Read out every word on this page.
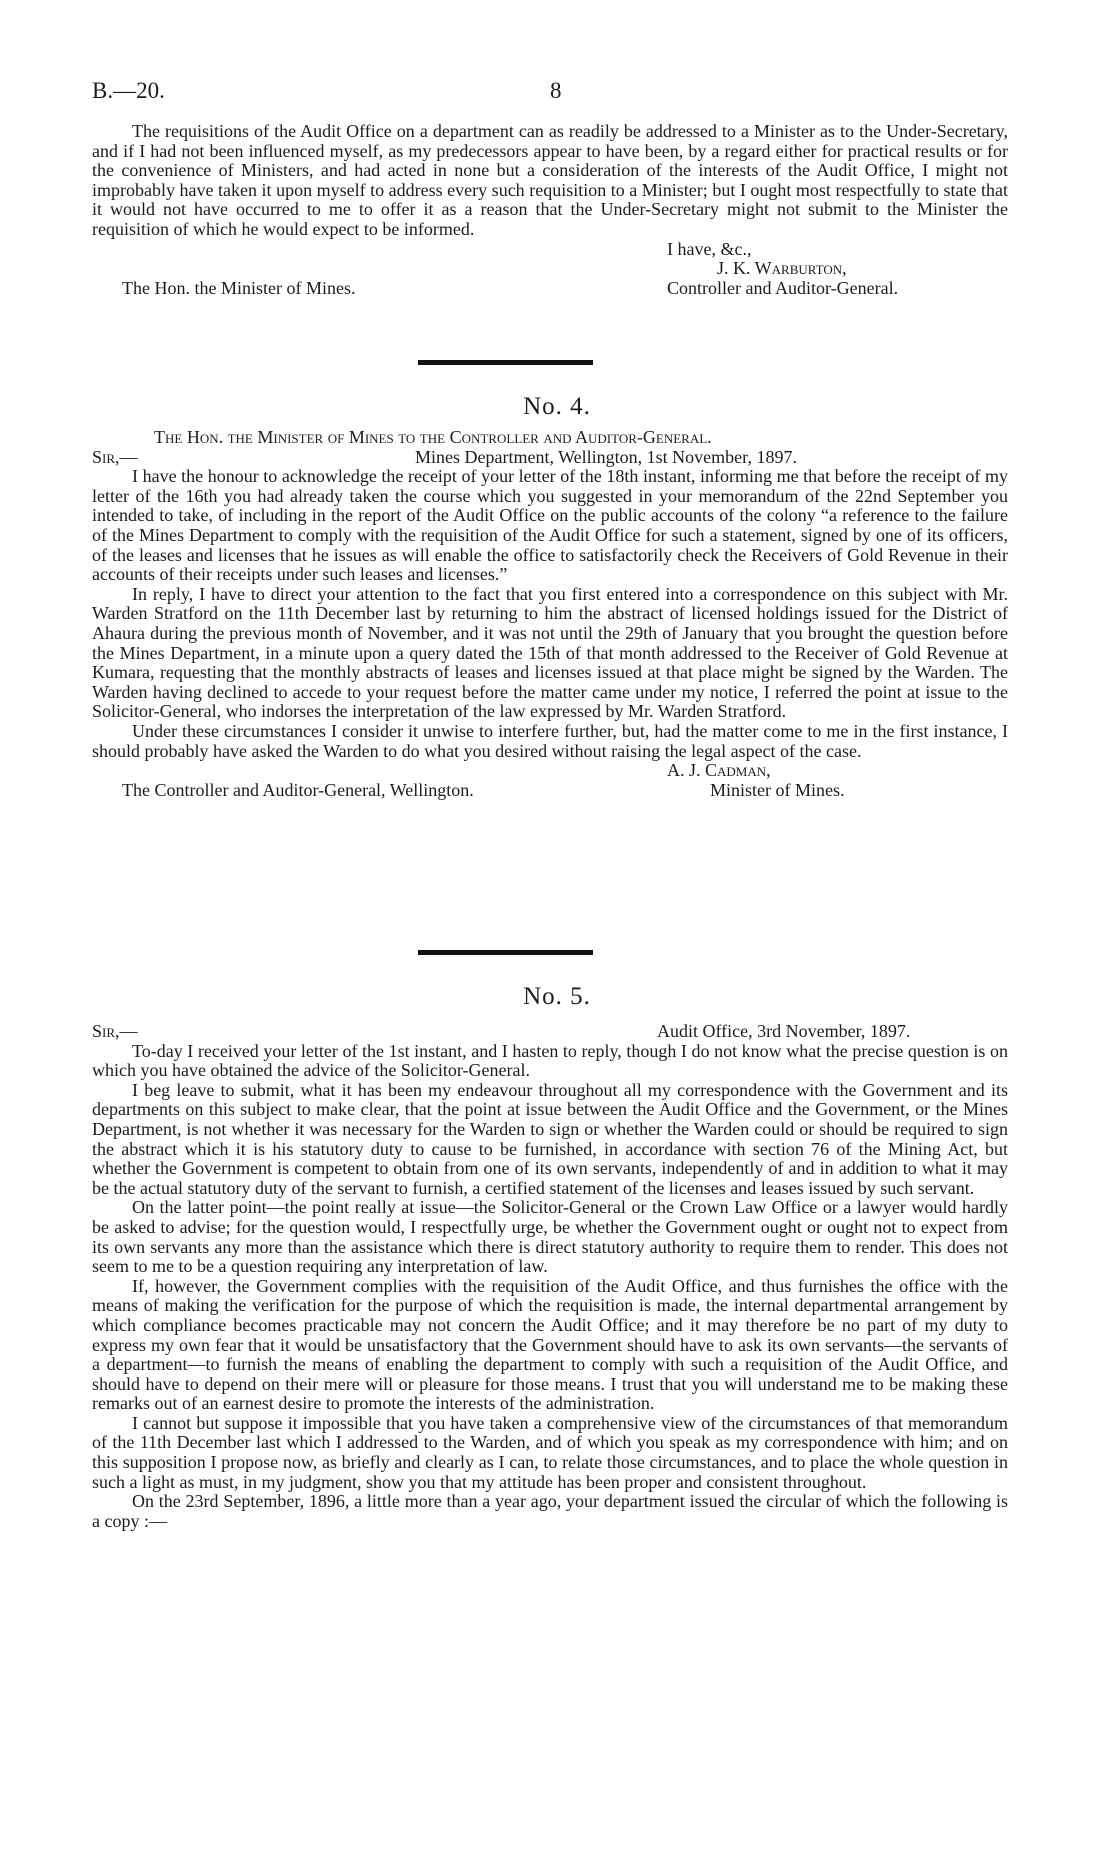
B.—20.	8

The requisitions of the Audit Office on a department can as readily be addressed to a Minister as to the Under-Secretary, and if I had not been influenced myself, as my predecessors appear to have been, by a regard either for practical results or for the convenience of Ministers, and had acted in none but a consideration of the interests of the Audit Office, I might not improbably have taken it upon myself to address every such requisition to a Minister; but I ought most respectfully to state that it would not have occurred to me to offer it as a reason that the Under-Secretary might not submit to the Minister the requisition of which he would expect to be informed.

I have, &c.,
J. K. Warburton,
The Hon. the Minister of Mines.	Controller and Auditor-General.
No. 4.
The Hon. the Minister of Mines to the Controller and Auditor-General.
Sir,—	Mines Department, Wellington, 1st November, 1897.

I have the honour to acknowledge the receipt of your letter of the 18th instant, informing me that before the receipt of my letter of the 16th you had already taken the course which you suggested in your memorandum of the 22nd September you intended to take, of including in the report of the Audit Office on the public accounts of the colony “a reference to the failure of the Mines Department to comply with the requisition of the Audit Office for such a statement, signed by one of its officers, of the leases and licenses that he issues as will enable the office to satisfactorily check the Receivers of Gold Revenue in their accounts of their receipts under such leases and licenses.”

In reply, I have to direct your attention to the fact that you first entered into a correspondence on this subject with Mr. Warden Stratford on the 11th December last by returning to him the abstract of licensed holdings issued for the District of Ahaura during the previous month of November, and it was not until the 29th of January that you brought the question before the Mines Department, in a minute upon a query dated the 15th of that month addressed to the Receiver of Gold Revenue at Kumara, requesting that the monthly abstracts of leases and licenses issued at that place might be signed by the Warden. The Warden having declined to accede to your request before the matter came under my notice, I referred the point at issue to the Solicitor-General, who indorses the interpretation of the law expressed by Mr. Warden Stratford.

Under these circumstances I consider it unwise to interfere further, but, had the matter come to me in the first instance, I should probably have asked the Warden to do what you desired without raising the legal aspect of the case.

A. J. Cadman,
The Controller and Auditor-General, Wellington.	Minister of Mines.
No. 5.
Sir,—	Audit Office, 3rd November, 1897.

To-day I received your letter of the 1st instant, and I hasten to reply, though I do not know what the precise question is on which you have obtained the advice of the Solicitor-General.

I beg leave to submit, what it has been my endeavour throughout all my correspondence with the Government and its departments on this subject to make clear, that the point at issue between the Audit Office and the Government, or the Mines Department, is not whether it was necessary for the Warden to sign or whether the Warden could or should be required to sign the abstract which it is his statutory duty to cause to be furnished, in accordance with section 76 of the Mining Act, but whether the Government is competent to obtain from one of its own servants, independently of and in addition to what it may be the actual statutory duty of the servant to furnish, a certified statement of the licenses and leases issued by such servant.

On the latter point—the point really at issue—the Solicitor-General or the Crown Law Office or a lawyer would hardly be asked to advise; for the question would, I respectfully urge, be whether the Government ought or ought not to expect from its own servants any more than the assistance which there is direct statutory authority to require them to render. This does not seem to me to be a question requiring any interpretation of law.

If, however, the Government complies with the requisition of the Audit Office, and thus furnishes the office with the means of making the verification for the purpose of which the requisition is made, the internal departmental arrangement by which compliance becomes practicable may not concern the Audit Office; and it may therefore be no part of my duty to express my own fear that it would be unsatisfactory that the Government should have to ask its own servants—the servants of a department—to furnish the means of enabling the department to comply with such a requisition of the Audit Office, and should have to depend on their mere will or pleasure for those means. I trust that you will understand me to be making these remarks out of an earnest desire to promote the interests of the administration.

I cannot but suppose it impossible that you have taken a comprehensive view of the circumstances of that memorandum of the 11th December last which I addressed to the Warden, and of which you speak as my correspondence with him; and on this supposition I propose now, as briefly and clearly as I can, to relate those circumstances, and to place the whole question in such a light as must, in my judgment, show you that my attitude has been proper and consistent throughout.

On the 23rd September, 1896, a little more than a year ago, your department issued the circular of which the following is a copy :—
